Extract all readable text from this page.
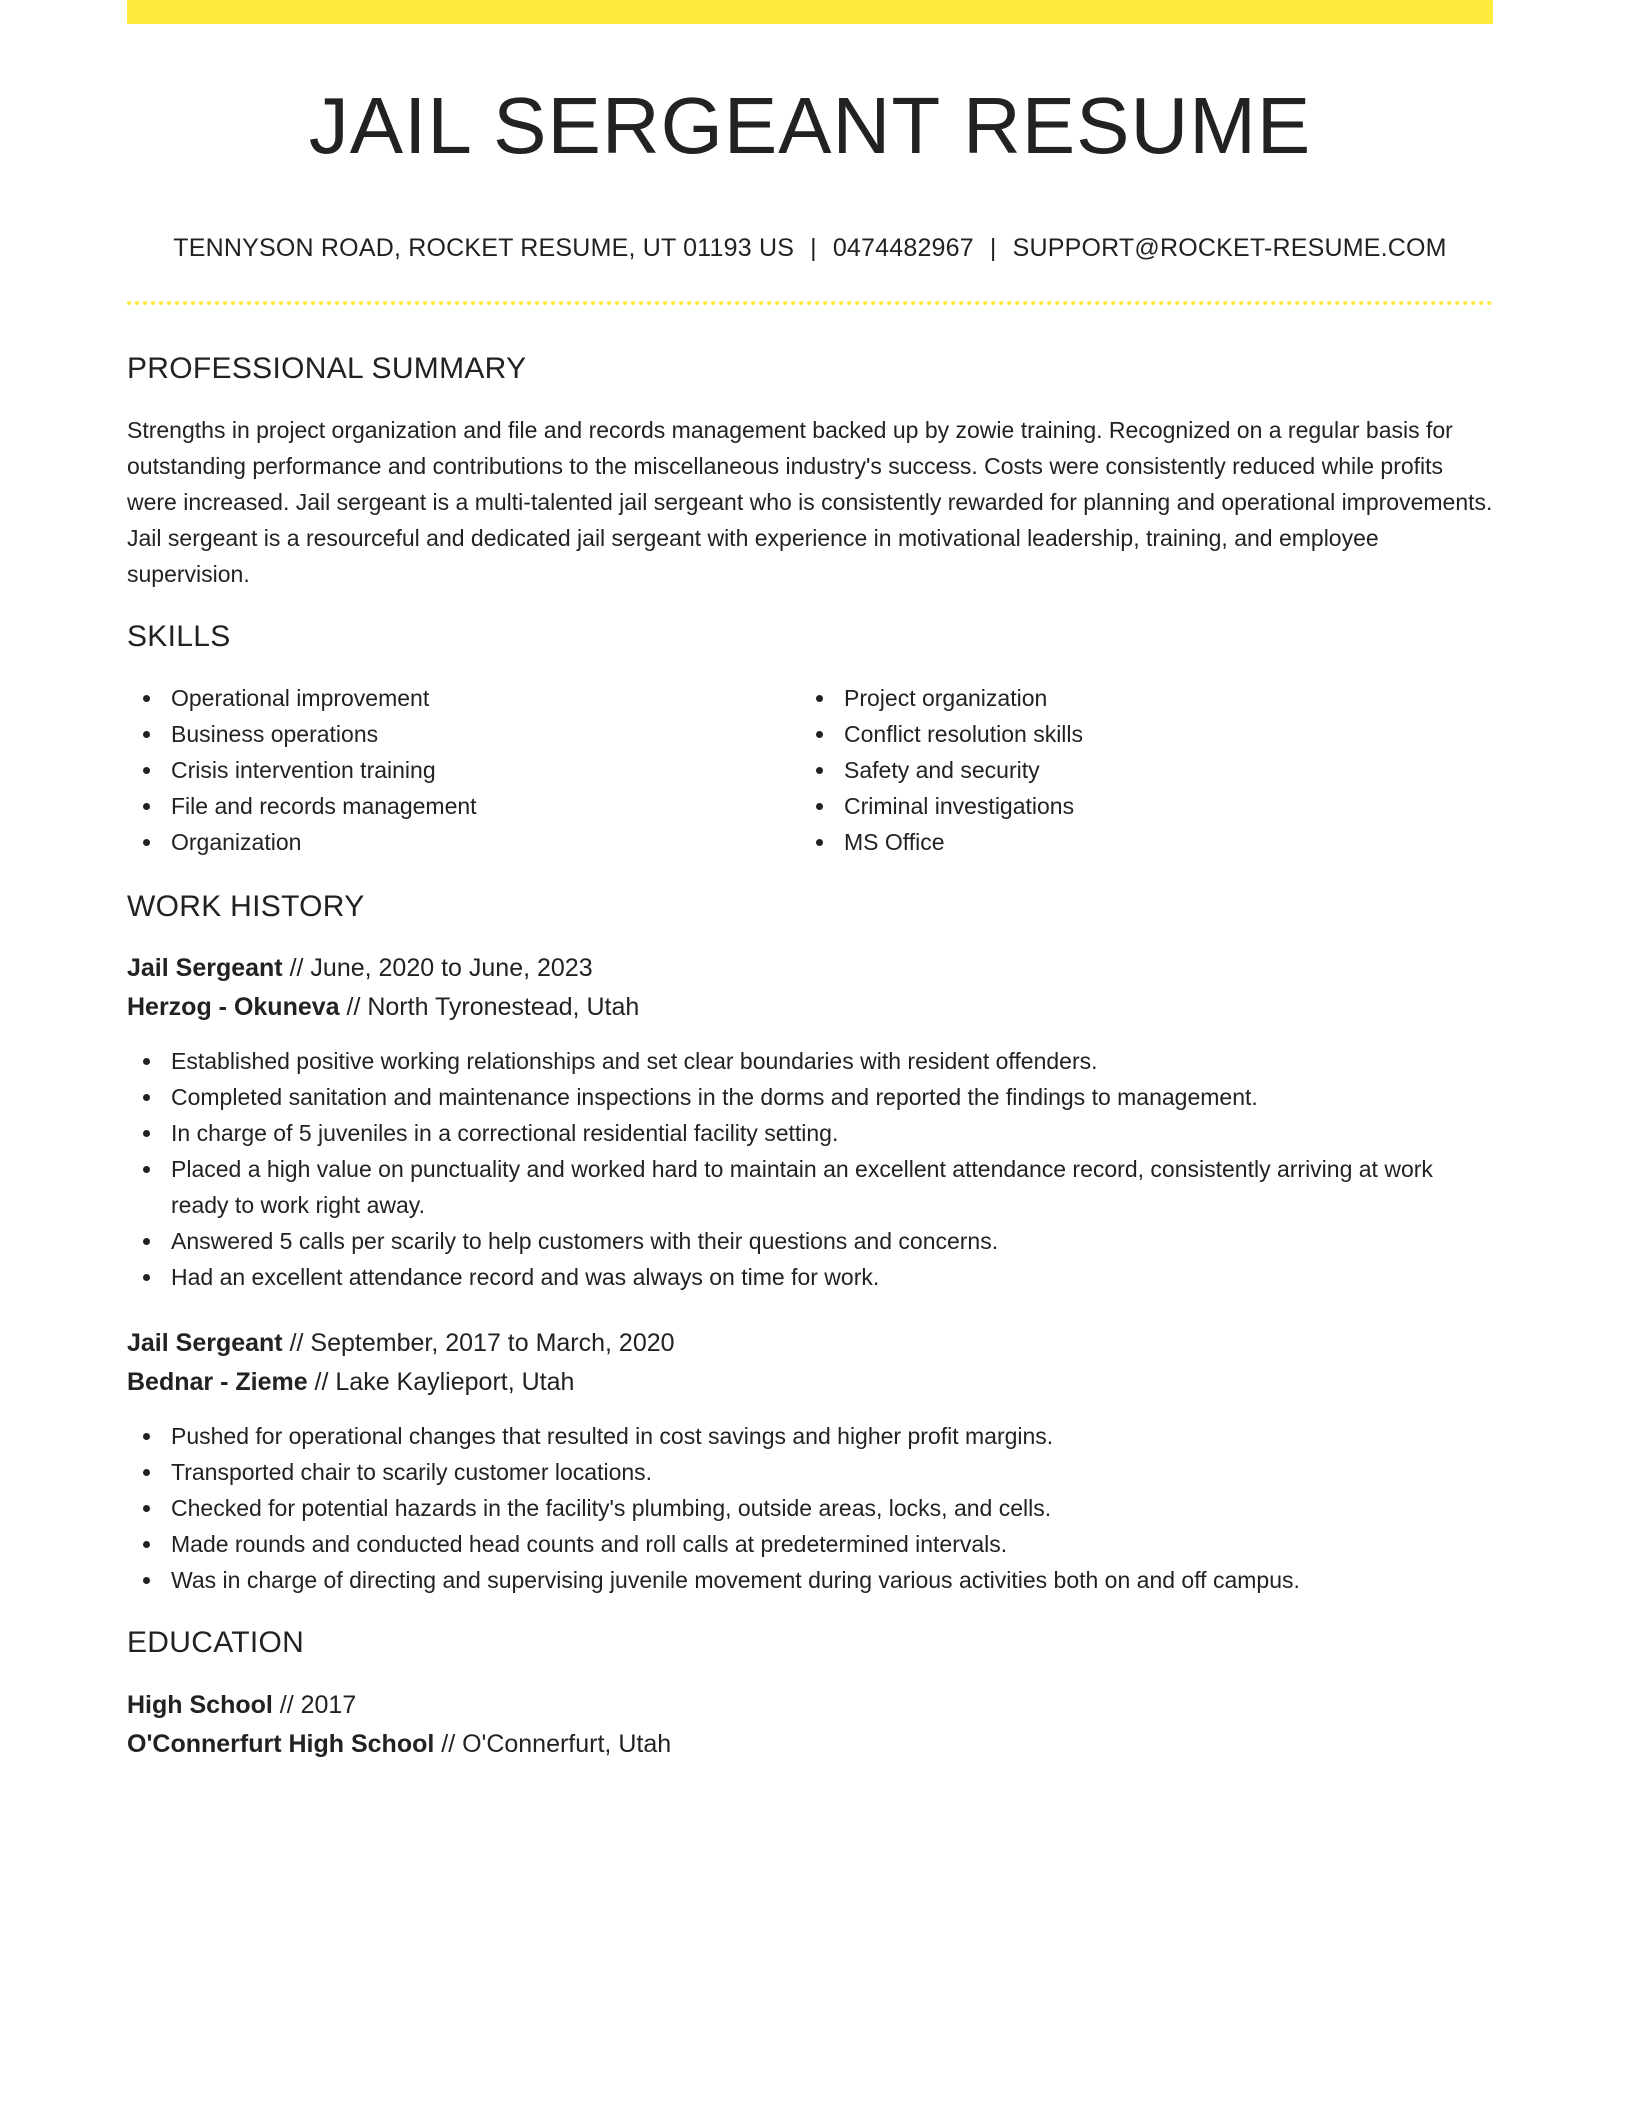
JAIL SERGEANT RESUME
TENNYSON ROAD, ROCKET RESUME, UT 01193 US | 0474482967 | SUPPORT@ROCKET-RESUME.COM
PROFESSIONAL SUMMARY
Strengths in project organization and file and records management backed up by zowie training. Recognized on a regular basis for outstanding performance and contributions to the miscellaneous industry's success. Costs were consistently reduced while profits were increased. Jail sergeant is a multi-talented jail sergeant who is consistently rewarded for planning and operational improvements. Jail sergeant is a resourceful and dedicated jail sergeant with experience in motivational leadership, training, and employee supervision.
SKILLS
Operational improvement
Business operations
Crisis intervention training
File and records management
Organization
Project organization
Conflict resolution skills
Safety and security
Criminal investigations
MS Office
WORK HISTORY
Jail Sergeant // June, 2020 to June, 2023
Herzog - Okuneva // North Tyronestead, Utah
Established positive working relationships and set clear boundaries with resident offenders.
Completed sanitation and maintenance inspections in the dorms and reported the findings to management.
In charge of 5 juveniles in a correctional residential facility setting.
Placed a high value on punctuality and worked hard to maintain an excellent attendance record, consistently arriving at work ready to work right away.
Answered 5 calls per scarily to help customers with their questions and concerns.
Had an excellent attendance record and was always on time for work.
Jail Sergeant // September, 2017 to March, 2020
Bednar - Zieme // Lake Kaylieport, Utah
Pushed for operational changes that resulted in cost savings and higher profit margins.
Transported chair to scarily customer locations.
Checked for potential hazards in the facility's plumbing, outside areas, locks, and cells.
Made rounds and conducted head counts and roll calls at predetermined intervals.
Was in charge of directing and supervising juvenile movement during various activities both on and off campus.
EDUCATION
High School // 2017
O'Connerfurt High School // O'Connerfurt, Utah
